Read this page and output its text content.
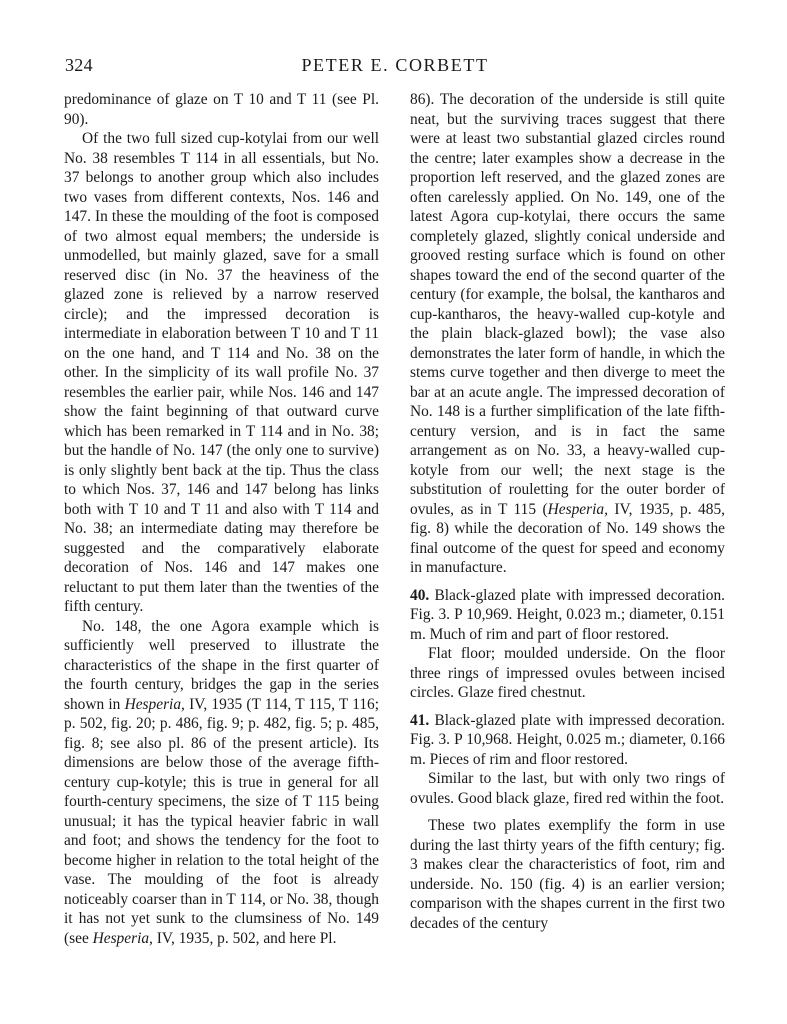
324	PETER E. CORBETT

predominance of glaze on T 10 and T 11 (see Pl. 90).

Of the two full sized cup-kotylai from our well No. 38 resembles T 114 in all essentials, but No. 37 belongs to another group which also includes two vases from different contexts, Nos. 146 and 147. In these the moulding of the foot is composed of two almost equal members; the underside is unmodelled, but mainly glazed, save for a small reserved disc (in No. 37 the heaviness of the glazed zone is relieved by a narrow reserved circle); and the impressed decoration is intermediate in elaboration between T 10 and T 11 on the one hand, and T 114 and No. 38 on the other. In the simplicity of its wall profile No. 37 resembles the earlier pair, while Nos. 146 and 147 show the faint beginning of that outward curve which has been remarked in T 114 and in No. 38; but the handle of No. 147 (the only one to survive) is only slightly bent back at the tip. Thus the class to which Nos. 37, 146 and 147 belong has links both with T 10 and T 11 and also with T 114 and No. 38; an intermediate dating may therefore be suggested and the comparatively elaborate decoration of Nos. 146 and 147 makes one reluctant to put them later than the twenties of the fifth century.

No. 148, the one Agora example which is sufficiently well preserved to illustrate the characteristics of the shape in the first quarter of the fourth century, bridges the gap in the series shown in Hesperia, IV, 1935 (T 114, T 115, T 116; p. 502, fig. 20; p. 486, fig. 9; p. 482, fig. 5; p. 485, fig. 8; see also pl. 86 of the present article). Its dimensions are below those of the average fifth-century cup-kotyle; this is true in general for all fourth-century specimens, the size of T 115 being unusual; it has the typical heavier fabric in wall and foot; and shows the tendency for the foot to become higher in relation to the total height of the vase. The moulding of the foot is already noticeably coarser than in T 114, or No. 38, though it has not yet sunk to the clumsiness of No. 149 (see Hesperia, IV, 1935, p. 502, and here Pl.

86). The decoration of the underside is still quite neat, but the surviving traces suggest that there were at least two substantial glazed circles round the centre; later examples show a decrease in the proportion left reserved, and the glazed zones are often carelessly applied. On No. 149, one of the latest Agora cup-kotylai, there occurs the same completely glazed, slightly conical underside and grooved resting surface which is found on other shapes toward the end of the second quarter of the century (for example, the bolsal, the kantharos and cup-kantharos, the heavy-walled cup-kotyle and the plain black-glazed bowl); the vase also demonstrates the later form of handle, in which the stems curve together and then diverge to meet the bar at an acute angle. The impressed decoration of No. 148 is a further simplification of the late fifth-century version, and is in fact the same arrangement as on No. 33, a heavy-walled cup-kotyle from our well; the next stage is the substitution of rouletting for the outer border of ovules, as in T 115 (Hesperia, IV, 1935, p. 485, fig. 8) while the decoration of No. 149 shows the final outcome of the quest for speed and economy in manufacture.

40. Black-glazed plate with impressed decoration. Fig. 3. P 10,969. Height, 0.023 m.; diameter, 0.151 m. Much of rim and part of floor restored.

Flat floor; moulded underside. On the floor three rings of impressed ovules between incised circles. Glaze fired chestnut.

41. Black-glazed plate with impressed decoration. Fig. 3. P 10,968. Height, 0.025 m.; diameter, 0.166 m. Pieces of rim and floor restored.

Similar to the last, but with only two rings of ovules. Good black glaze, fired red within the foot.

These two plates exemplify the form in use during the last thirty years of the fifth century; fig. 3 makes clear the characteristics of foot, rim and underside. No. 150 (fig. 4) is an earlier version; comparison with the shapes current in the first two decades of the century
